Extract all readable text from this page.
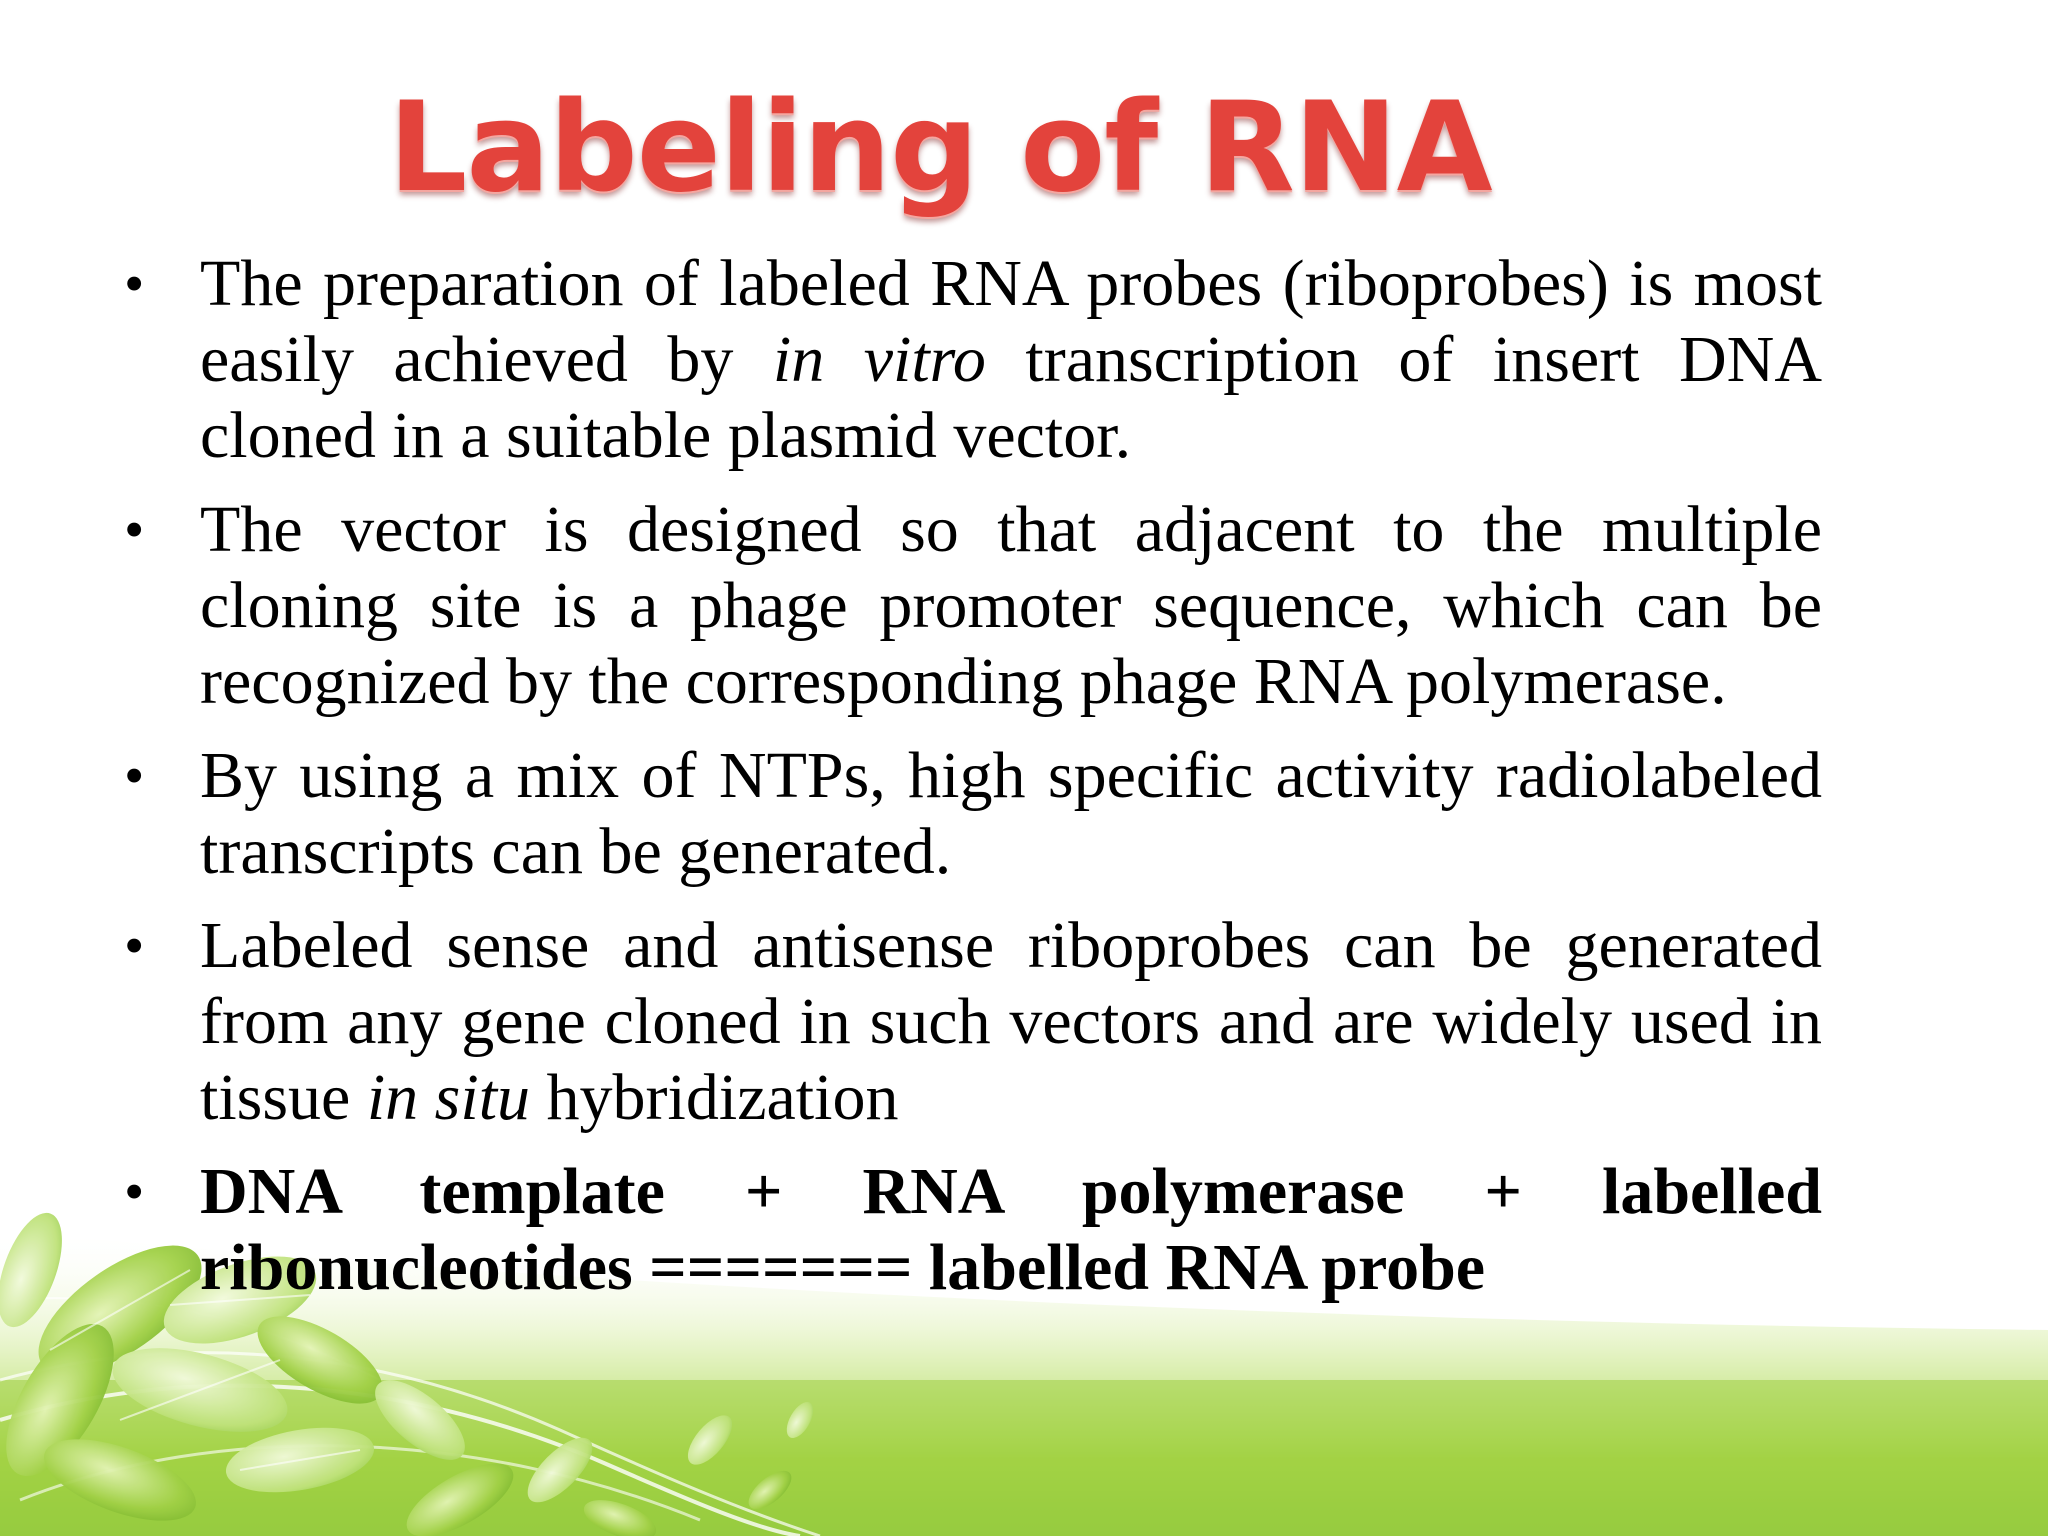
Labeling of RNA
• The preparation of labeled RNA probes (riboprobes) is most easily achieved by in vitro transcription of insert DNA cloned in a suitable plasmid vector.
• The vector is designed so that adjacent to the multiple cloning site is a phage promoter sequence, which can be recognized by the corresponding phage RNA polymerase.
• By using a mix of NTPs, high specific activity radiolabeled transcripts can be generated.
• Labeled sense and antisense riboprobes can be generated from any gene cloned in such vectors and are widely used in tissue in situ hybridization
• DNA template + RNA polymerase + labelled ribonucleotides ======= labelled RNA probe
